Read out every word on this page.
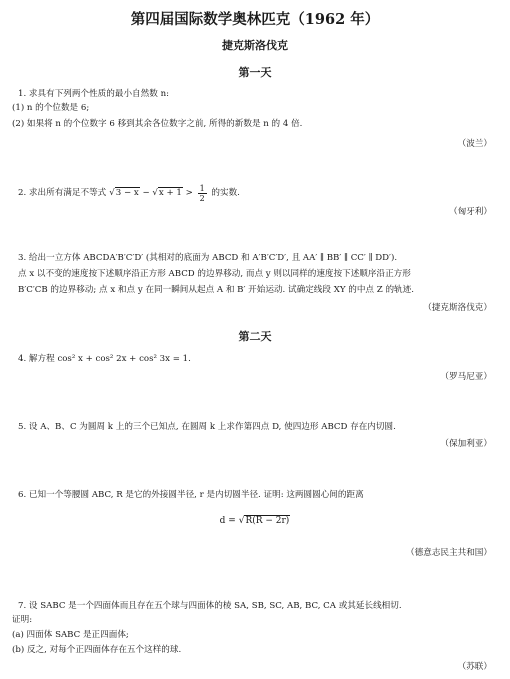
第四届国际数学奥林匹克（1962 年）
捷克斯洛伐克
第一天
1. 求具有下列两个性质的最小自然数 n:
(1) n 的个位数是 6;
(2) 如果将 n 的个位数字 6 移到其余各位数字之前, 所得的新数是 n 的 4 倍.
（波兰）
2. 求出所有满足不等式 √ 3 − x − √ $x + 1 > \frac{1}{2}$ 的实数.
（匈牙利）
3. 给出一立方体 ABCDA′B′C′D′ (其相对的底面为 ABCD 和 A′B′C′D′, 且 AA′ ∥ BB′ ∥ CC′ ∥ DD′).
点 x 以不变的速度按下述顺序沿正方形 ABCD 的边界移动, 而点 y 则以同样的速度按下述顺序沿正方形
B′C′CB 的边界移动; 点 x 和点 y 在同一瞬间从起点 A 和 B′ 开始运动. 试确定线段 XY 的中点 Z 的轨迹.
（捷克斯洛伐克）
第二天
4. 解方程 cos² x + cos² 2x + cos² 3x = 1.
（罗马尼亚）
5. 设 A、B、C 为圆周 k 上的三个已知点, 在圆周 k 上求作第四点 D, 使四边形 ABCD 存在内切圆.
（保加利亚）
6. 已知一个等腰圆 ABC, R 是它的外接圆半径, r 是内切圆半径. 证明: 这两圆圆心间的距离
d = √ R(R − 2r)
（德意志民主共和国）
7. 设 SABC 是一个四面体而且存在五个球与四面体的棱 SA, SB, SC, AB, BC, CA 或其延长线相切.
证明:
(a) 四面体 SABC 是正四面体;
(b) 反之, 对每个正四面体存在五个这样的球.
（苏联）
